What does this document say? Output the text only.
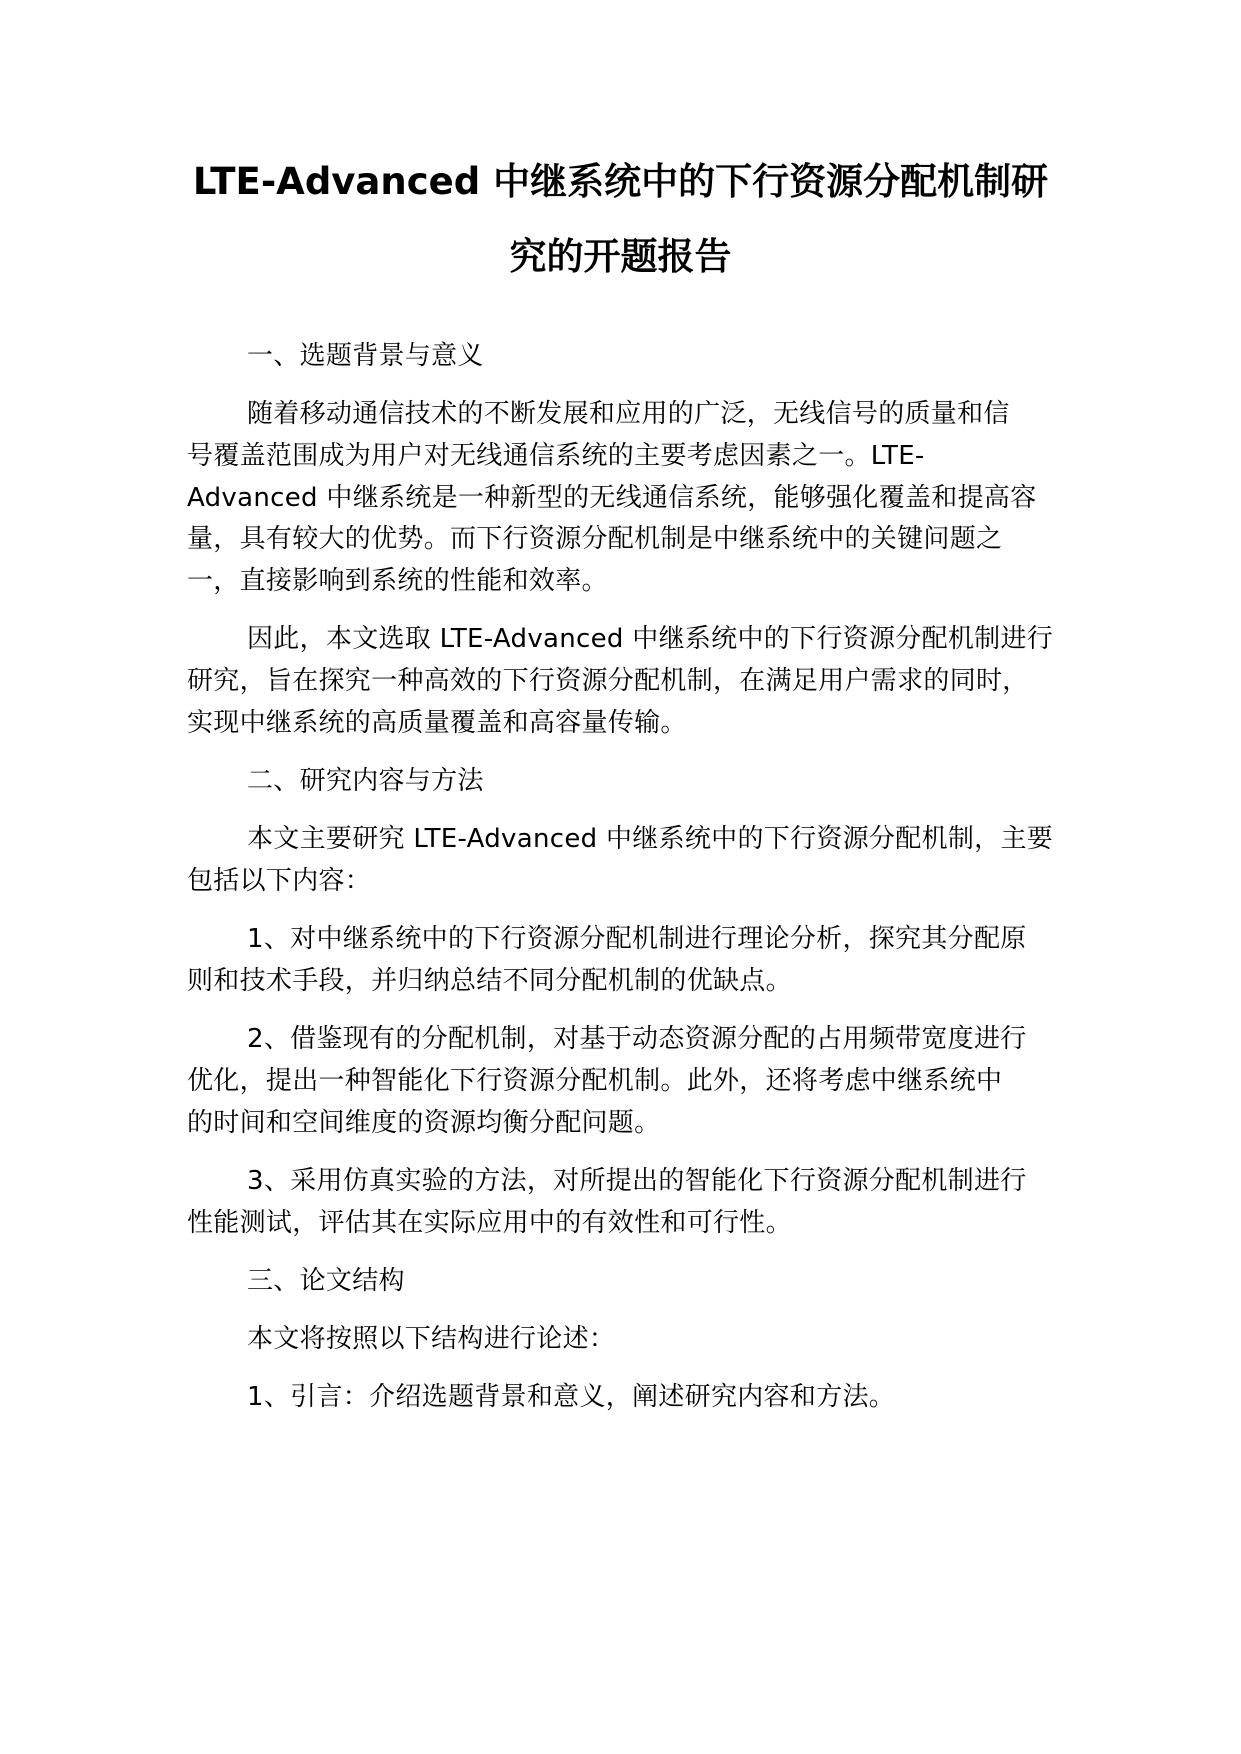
LTE-Advanced 中继系统中的下行资源分配机制研
究的开题报告
一、选题背景与意义
随着移动通信技术的不断发展和应用的广泛，无线信号的质量和信
号覆盖范围成为用户对无线通信系统的主要考虑因素之一。LTE-
Advanced 中继系统是一种新型的无线通信系统，能够强化覆盖和提高容
量，具有较大的优势。而下行资源分配机制是中继系统中的关键问题之
一，直接影响到系统的性能和效率。
因此，本文选取 LTE-Advanced 中继系统中的下行资源分配机制进行
研究，旨在探究一种高效的下行资源分配机制，在满足用户需求的同时，
实现中继系统的高质量覆盖和高容量传输。
二、研究内容与方法
本文主要研究 LTE-Advanced 中继系统中的下行资源分配机制，主要
包括以下内容：
1、对中继系统中的下行资源分配机制进行理论分析，探究其分配原
则和技术手段，并归纳总结不同分配机制的优缺点。
2、借鉴现有的分配机制，对基于动态资源分配的占用频带宽度进行
优化，提出一种智能化下行资源分配机制。此外，还将考虑中继系统中
的时间和空间维度的资源均衡分配问题。
3、采用仿真实验的方法，对所提出的智能化下行资源分配机制进行
性能测试，评估其在实际应用中的有效性和可行性。
三、论文结构
本文将按照以下结构进行论述：
1、引言：介绍选题背景和意义，阐述研究内容和方法。
